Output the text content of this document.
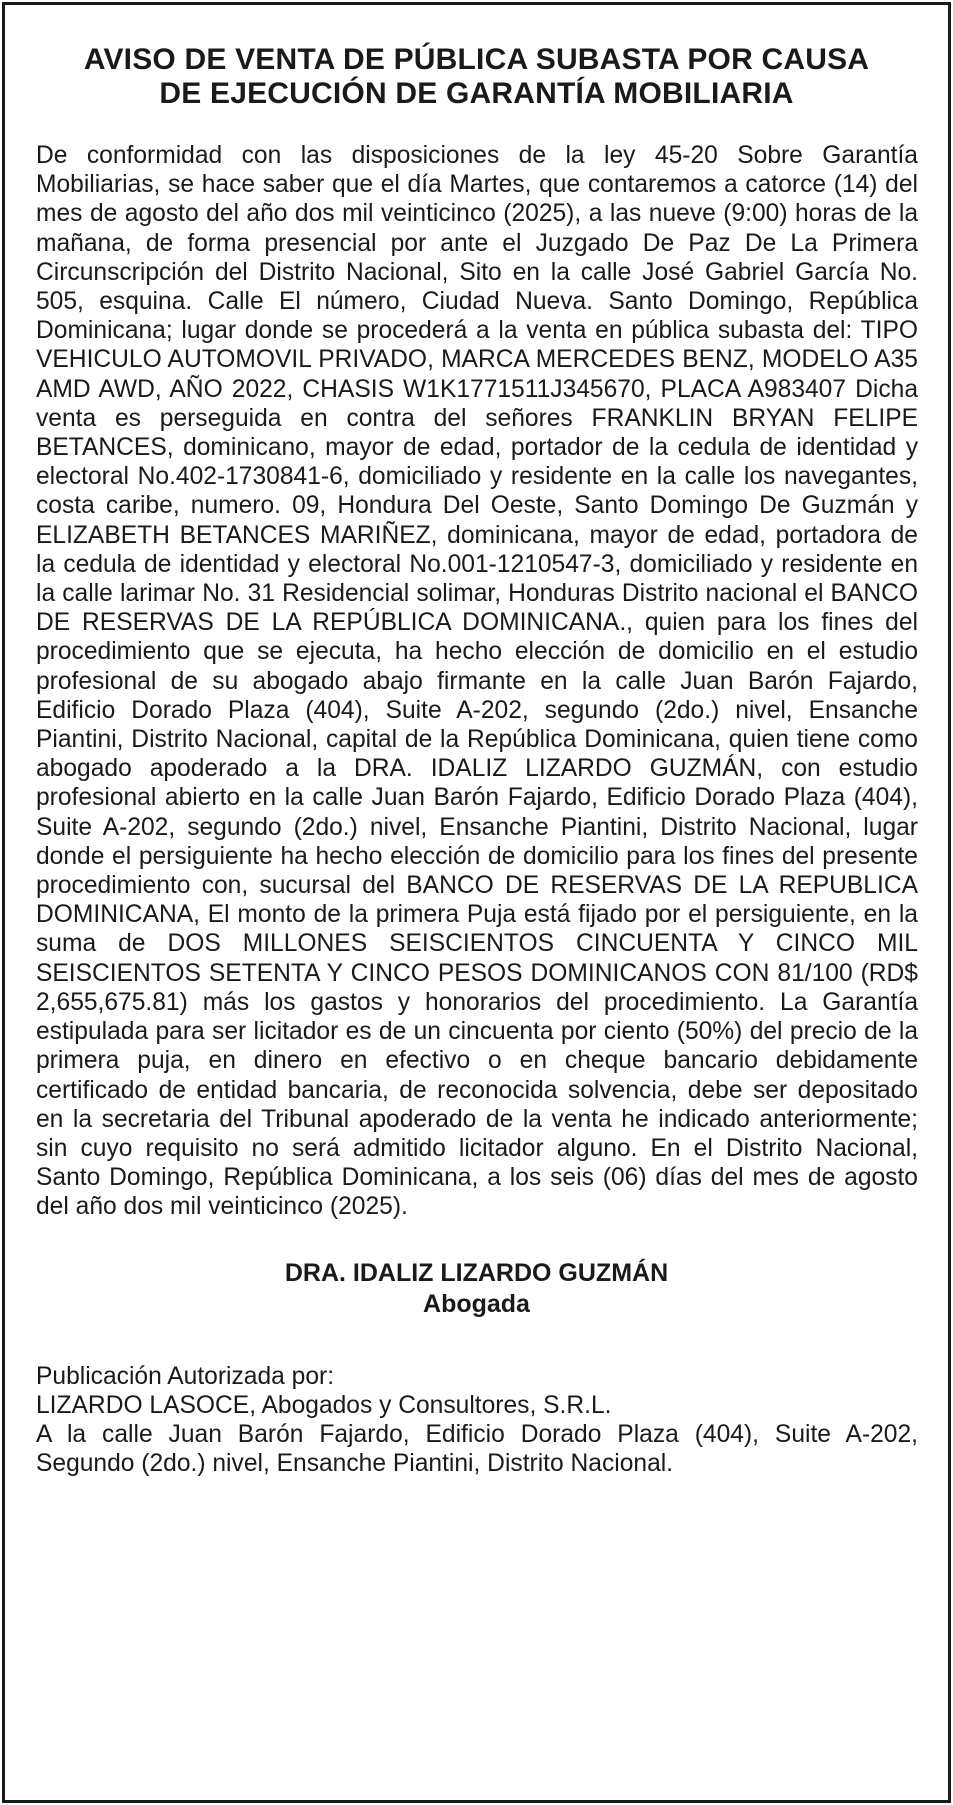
AVISO DE VENTA DE PÚBLICA SUBASTA POR CAUSA
DE EJECUCIÓN DE GARANTÍA MOBILIARIA

De conformidad con las disposiciones de la ley 45-20 Sobre Garantía Mobiliarias, se hace saber que el día Martes, que contaremos a catorce (14) del mes de agosto del año dos mil veinticinco (2025), a las nueve (9:00) horas de la mañana, de forma presencial por ante el Juzgado De Paz De La Primera Circunscripción del Distrito Nacional, Sito en la calle José Gabriel García No. 505, esquina. Calle El número, Ciudad Nueva. Santo Domingo, República Dominicana; lugar donde se procederá a la venta en pública subasta del: TIPO VEHICULO AUTOMOVIL PRIVADO, MARCA MERCEDES BENZ, MODELO A35 AMD AWD, AÑO 2022, CHASIS W1K1771511J345670, PLACA A983407 Dicha venta es perseguida en contra del señores FRANKLIN BRYAN FELIPE BETANCES, dominicano, mayor de edad, portador de la cedula de identidad y electoral No.402-1730841-6, domiciliado y residente en la calle los navegantes, costa caribe, numero. 09, Hondura Del Oeste, Santo Domingo De Guzmán y ELIZABETH BETANCES MARIÑEZ, dominicana, mayor de edad, portadora de la cedula de identidad y electoral No.001-1210547-3, domiciliado y residente en la calle larimar No. 31 Residencial solimar, Honduras Distrito nacional el BANCO DE RESERVAS DE LA REPÚBLICA DOMINICANA., quien para los fines del procedimiento que se ejecuta, ha hecho elección de domicilio en el estudio profesional de su abogado abajo firmante en la calle Juan Barón Fajardo, Edificio Dorado Plaza (404), Suite A-202, segundo (2do.) nivel, Ensanche Piantini, Distrito Nacional, capital de la República Dominicana, quien tiene como abogado apoderado a la DRA. IDALIZ LIZARDO GUZMÁN, con estudio profesional abierto en la calle Juan Barón Fajardo, Edificio Dorado Plaza (404), Suite A-202, segundo (2do.) nivel, Ensanche Piantini, Distrito Nacional, lugar donde el persiguiente ha hecho elección de domicilio para los fines del presente procedimiento con, sucursal del BANCO DE RESERVAS DE LA REPUBLICA DOMINICANA, El monto de la primera Puja está fijado por el persiguiente, en la suma de DOS MILLONES SEISCIENTOS CINCUENTA Y CINCO MIL SEISCIENTOS SETENTA Y CINCO PESOS DOMINICANOS CON 81/100 (RD$ 2,655,675.81) más los gastos y honorarios del procedimiento. La Garantía estipulada para ser licitador es de un cincuenta por ciento (50%) del precio de la primera puja, en dinero en efectivo o en cheque bancario debidamente certificado de entidad bancaria, de reconocida solvencia, debe ser depositado en la secretaria del Tribunal apoderado de la venta he indicado anteriormente; sin cuyo requisito no será admitido licitador alguno. En el Distrito Nacional, Santo Domingo, República Dominicana, a los seis (06) días del mes de agosto del año dos mil veinticinco (2025).

DRA. IDALIZ LIZARDO GUZMÁN
Abogada
Publicación Autorizada por:
LIZARDO LASOCE, Abogados y Consultores, S.R.L.
A la calle Juan Barón Fajardo, Edificio Dorado Plaza (404), Suite A-202, Segundo (2do.) nivel, Ensanche Piantini, Distrito Nacional.
